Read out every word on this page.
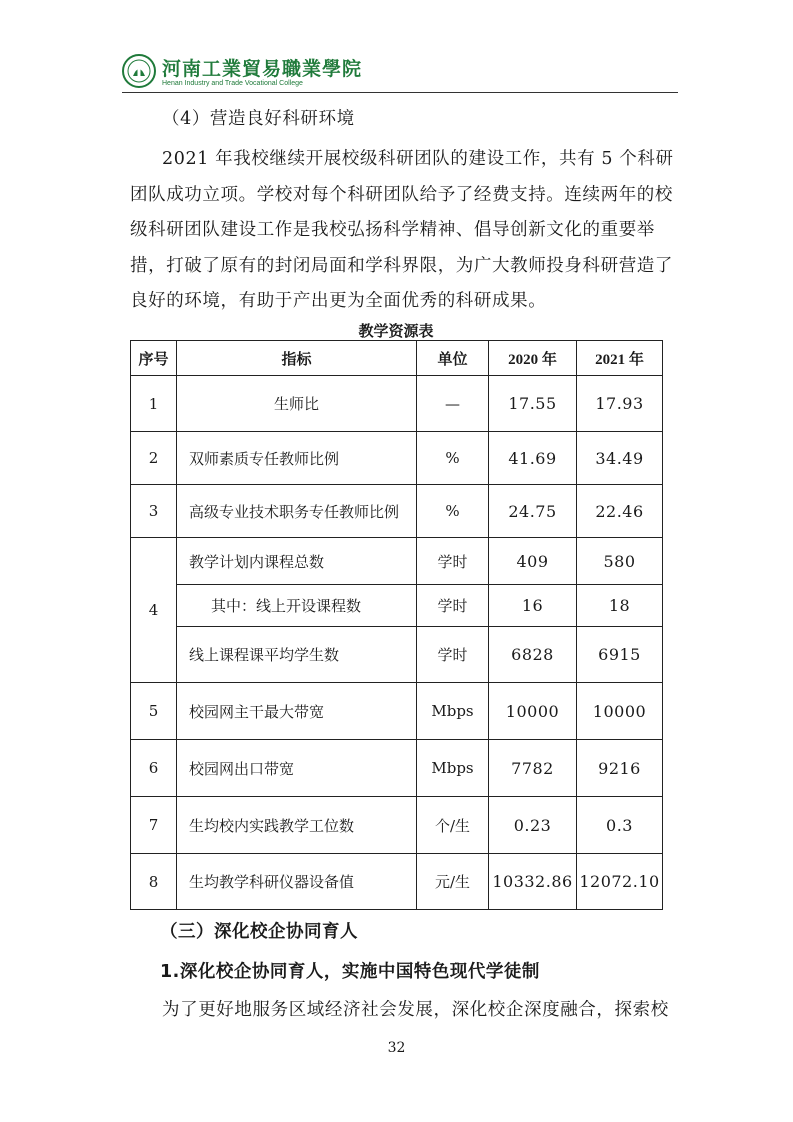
河南工業貿易職業學院
Henan Industry and Trade Vocational College
（4）营造良好科研环境
2021 年我校继续开展校级科研团队的建设工作，共有 5 个科研
团队成功立项。学校对每个科研团队给予了经费支持。连续两年的校
级科研团队建设工作是我校弘扬科学精神、倡导创新文化的重要举
措，打破了原有的封闭局面和学科界限，为广大教师投身科研营造了
良好的环境，有助于产出更为全面优秀的科研成果。
教学资源表
序号	指标	单位	2020 年	2021 年
1	生师比	—	17.55	17.93
2	双师素质专任教师比例	%	41.69	34.49
3	高级专业技术职务专任教师比例	%	24.75	22.46
4	教学计划内课程总数	学时	409	580
	其中：线上开设课程数	学时	16	18
	线上课程课平均学生数	学时	6828	6915
5	校园网主干最大带宽	Mbps	10000	10000
6	校园网出口带宽	Mbps	7782	9216
7	生均校内实践教学工位数	个/生	0.23	0.3
8	生均教学科研仪器设备值	元/生	10332.86	12072.10
（三）深化校企协同育人
1.深化校企协同育人，实施中国特色现代学徒制
为了更好地服务区域经济社会发展，深化校企深度融合，探索校
32
